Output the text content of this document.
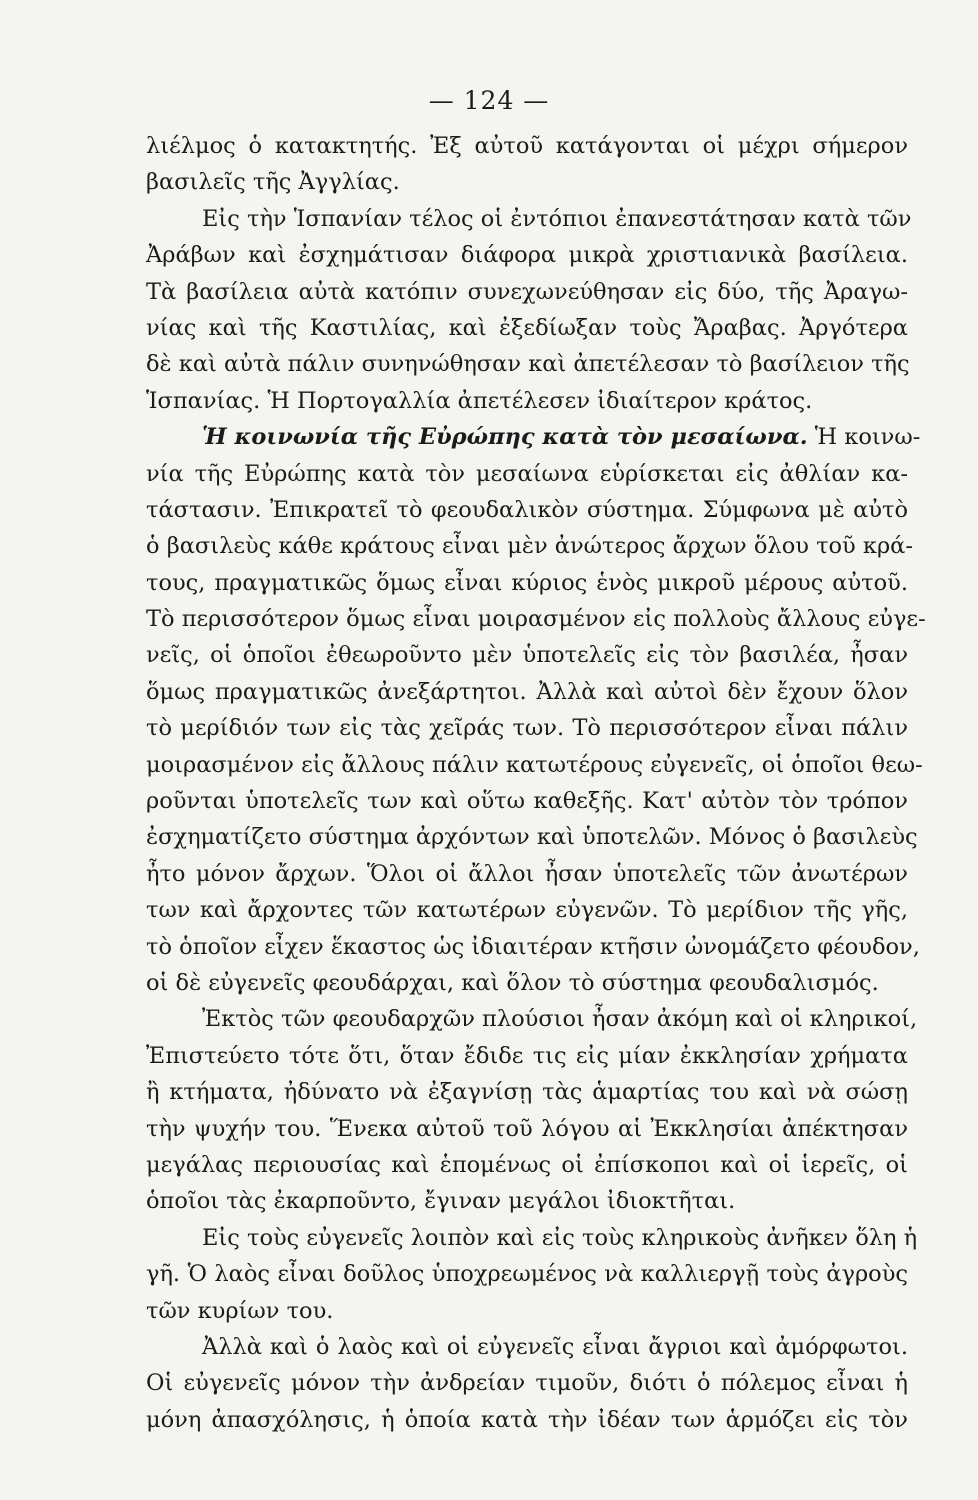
— 124 —
λιέλμος ὁ κατακτητής. Ἐξ αὐτοῦ κατάγονται οἱ μέχρι σήμερον
βασιλεῖς τῆς Ἀγγλίας.
Εἰς τὴν Ἱσπανίαν τέλος οἱ ἐντόπιοι ἐπανεστάτησαν κατὰ τῶν
Ἀράβων καὶ ἐσχημάτισαν διάφορα μικρὰ χριστιανικὰ βασίλεια.
Τὰ βασίλεια αὐτὰ κατόπιν συνεχωνεύθησαν εἰς δύο, τῆς Ἀραγω-
νίας καὶ τῆς Καστιλίας, καὶ ἐξεδίωξαν τοὺς Ἄραβας. Ἀργότερα
δὲ καὶ αὐτὰ πάλιν συνηνώθησαν καὶ ἀπετέλεσαν τὸ βασίλειον τῆς
Ἱσπανίας. Ἡ Πορτογαλλία ἀπετέλεσεν ἰδιαίτερον κράτος.
Ἡ κοινωνία τῆς Εὐρώπης κατὰ τὸν μεσαίωνα. Ἡ κοινω-
νία τῆς Εὐρώπης κατὰ τὸν μεσαίωνα εὑρίσκεται εἰς ἀθλίαν κα-
τάστασιν. Ἐπικρατεῖ τὸ φεουδαλικὸν σύστημα. Σύμφωνα μὲ αὐτὸ
ὁ βασιλεὺς κάθε κράτους εἶναι μὲν ἀνώτερος ἄρχων ὅλου τοῦ κρά-
τους, πραγματικῶς ὅμως εἶναι κύριος ἑνὸς μικροῦ μέρους αὐτοῦ.
Τὸ περισσότερον ὅμως εἶναι μοιρασμένον εἰς πολλοὺς ἄλλους εὐγε-
νεῖς, οἱ ὁποῖοι ἐθεωροῦντο μὲν ὑποτελεῖς εἰς τὸν βασιλέα, ἦσαν
ὅμως πραγματικῶς ἀνεξάρτητοι. Ἀλλὰ καὶ αὐτοὶ δὲν ἔχουν ὅλον
τὸ μερίδιόν των εἰς τὰς χεῖράς των. Τὸ περισσότερον εἶναι πάλιν
μοιρασμένον εἰς ἄλλους πάλιν κατωτέρους εὐγενεῖς, οἱ ὁποῖοι θεω-
ροῦνται ὑποτελεῖς των καὶ οὕτω καθεξῆς. Κατ' αὐτὸν τὸν τρόπον
ἐσχηματίζετο σύστημα ἀρχόντων καὶ ὑποτελῶν. Μόνος ὁ βασιλεὺς
ἦτο μόνον ἄρχων. Ὅλοι οἱ ἄλλοι ἦσαν ὑποτελεῖς τῶν ἀνωτέρων
των καὶ ἄρχοντες τῶν κατωτέρων εὐγενῶν. Τὸ μερίδιον τῆς γῆς,
τὸ ὁποῖον εἶχεν ἕκαστος ὡς ἰδιαιτέραν κτῆσιν ὠνομάζετο φέουδον,
οἱ δὲ εὐγενεῖς φεουδάρχαι, καὶ ὅλον τὸ σύστημα φεουδαλισμός.
Ἐκτὸς τῶν φεουδαρχῶν πλούσιοι ἦσαν ἀκόμη καὶ οἱ κληρικοί,
Ἐπιστεύετο τότε ὅτι, ὅταν ἔδιδε τις εἰς μίαν ἐκκλησίαν χρήματα
ἢ κτήματα, ἠδύνατο νὰ ἐξαγνίσῃ τὰς ἁμαρτίας του καὶ νὰ σώσῃ
τὴν ψυχήν του. Ἕνεκα αὐτοῦ τοῦ λόγου αἱ Ἐκκλησίαι ἀπέκτησαν
μεγάλας περιουσίας καὶ ἑπομένως οἱ ἐπίσκοποι καὶ οἱ ἱερεῖς, οἱ
ὁποῖοι τὰς ἐκαρποῦντο, ἔγιναν μεγάλοι ἰδιοκτῆται.
Εἰς τοὺς εὐγενεῖς λοιπὸν καὶ εἰς τοὺς κληρικοὺς ἀνῆκεν ὅλη ἡ
γῆ. Ὁ λαὸς εἶναι δοῦλος ὑποχρεωμένος νὰ καλλιεργῇ τοὺς ἀγροὺς
τῶν κυρίων του.
Ἀλλὰ καὶ ὁ λαὸς καὶ οἱ εὐγενεῖς εἶναι ἄγριοι καὶ ἀμόρφωτοι.
Οἱ εὐγενεῖς μόνον τὴν ἀνδρείαν τιμοῦν, διότι ὁ πόλεμος εἶναι ἡ
μόνη ἀπασχόλησις, ἡ ὁποία κατὰ τὴν ἰδέαν των ἁρμόζει εἰς τὸν
